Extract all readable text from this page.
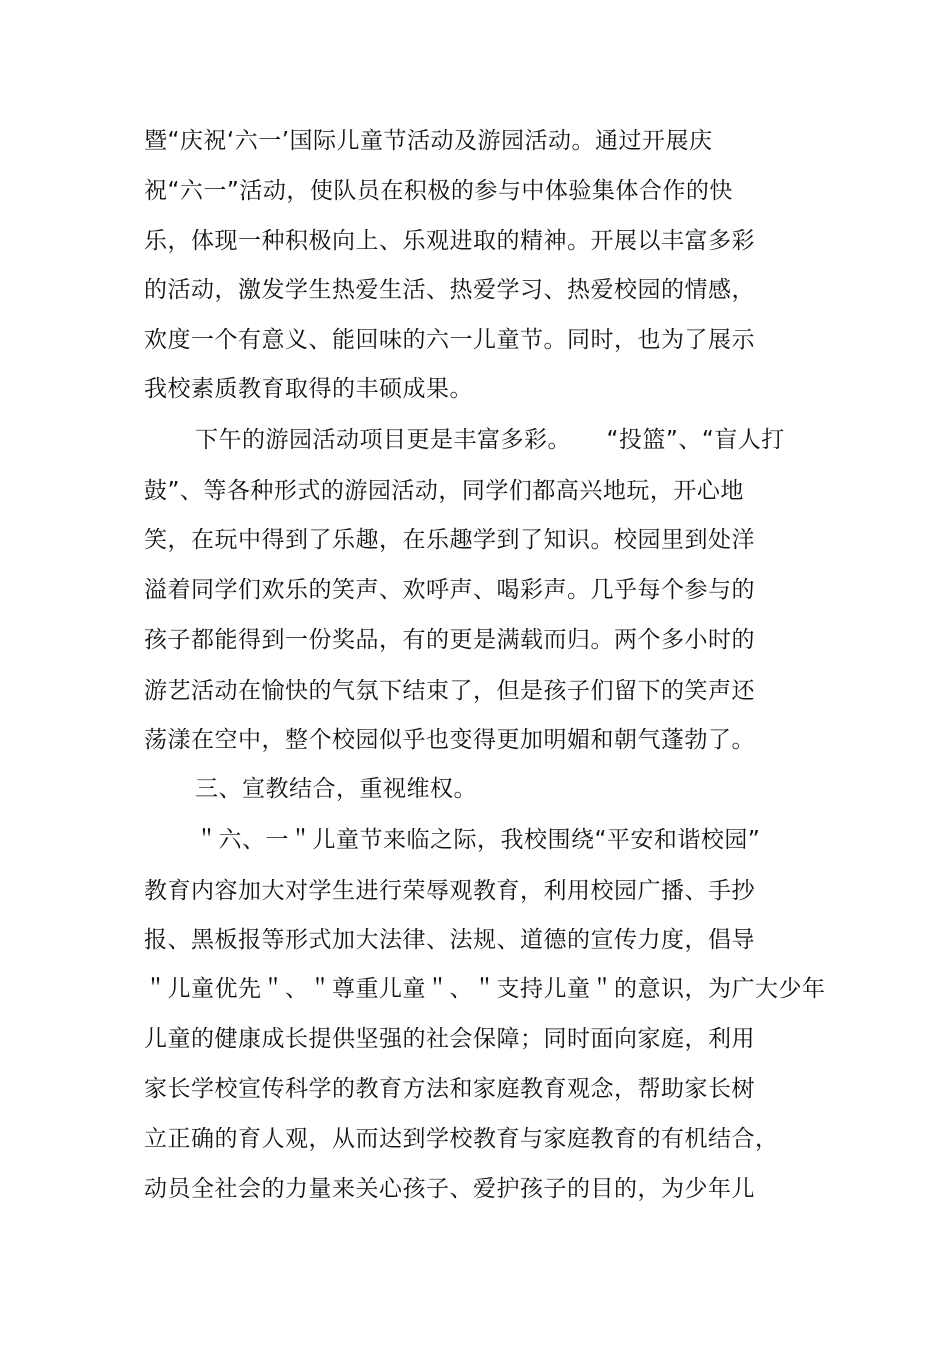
暨“庆祝‘六一’国际儿童节活动及游园活动。通过开展庆
祝“六一”活动，使队员在积极的参与中体验集体合作的快
乐，体现一种积极向上、乐观进取的精神。开展以丰富多彩
的活动，激发学生热爱生活、热爱学习、热爱校园的情感，
欢度一个有意义、能回味的六一儿童节。同时，也为了展示
我校素质教育取得的丰硕成果。
下午的游园活动项目更是丰富多彩。　　“投篮”、“盲人打
鼓”、等各种形式的游园活动，同学们都高兴地玩，开心地
笑，在玩中得到了乐趣，在乐趣学到了知识。校园里到处洋
溢着同学们欢乐的笑声、欢呼声、喝彩声。几乎每个参与的
孩子都能得到一份奖品，有的更是满载而归。两个多小时的
游艺活动在愉快的气氛下结束了，但是孩子们留下的笑声还
荡漾在空中，整个校园似乎也变得更加明媚和朝气蓬勃了。
三、宣教结合，重视维权。
＂六、一＂儿童节来临之际，我校围绕“平安和谐校园”
教育内容加大对学生进行荣辱观教育，利用校园广播、手抄
报、黑板报等形式加大法律、法规、道德的宣传力度，倡导
＂儿童优先＂、＂尊重儿童＂、＂支持儿童＂的意识，为广大少年
儿童的健康成长提供坚强的社会保障；同时面向家庭，利用
家长学校宣传科学的教育方法和家庭教育观念，帮助家长树
立正确的育人观，从而达到学校教育与家庭教育的有机结合，
动员全社会的力量来关心孩子、爱护孩子的目的，为少年儿
